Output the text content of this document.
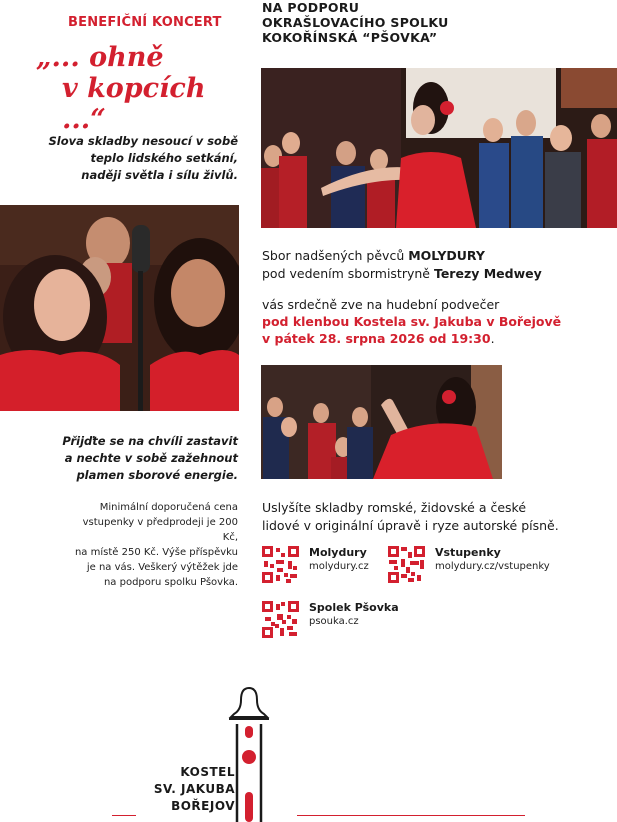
BENEFIČNÍ KONCERT
„... ohně
v kopcích ...“
Slova skladby nesoucí v sobě
teplo lidského setkání,
naději světla i sílu živlů.
Přijďte se na chvíli zastavit
a nechte v sobě zažehnout
plamen sborové energie.
Minimální doporučená cena
vstupenky v předprodeji je 200 Kč,
na místě 250 Kč. Výše příspěvku
je na vás. Veškerý výtěžek jde
na podporu spolku Pšovka.
NA PODPORU
OKRAŠLOVACÍHO SPOLKU
KOKOŘÍNSKÁ “PŠOVKA”
Sbor nadšených pěvců MOLYDURY
pod vedením sbormistryně Terezy Medwey
vás srdečně zve na hudební podvečer
pod klenbou Kostela sv. Jakuba v Bořejově
v pátek 28. srpna 2026 od 19:30.
Uslyšíte skladby romské, židovské a české
lidové v originální úpravě i ryze autorské písně.
Molydury
molydury.cz
Vstupenky
molydury.cz/vstupenky
Spolek Pšovka
psouka.cz
KOSTEL
SV. JAKUBA
BOŘEJOV
